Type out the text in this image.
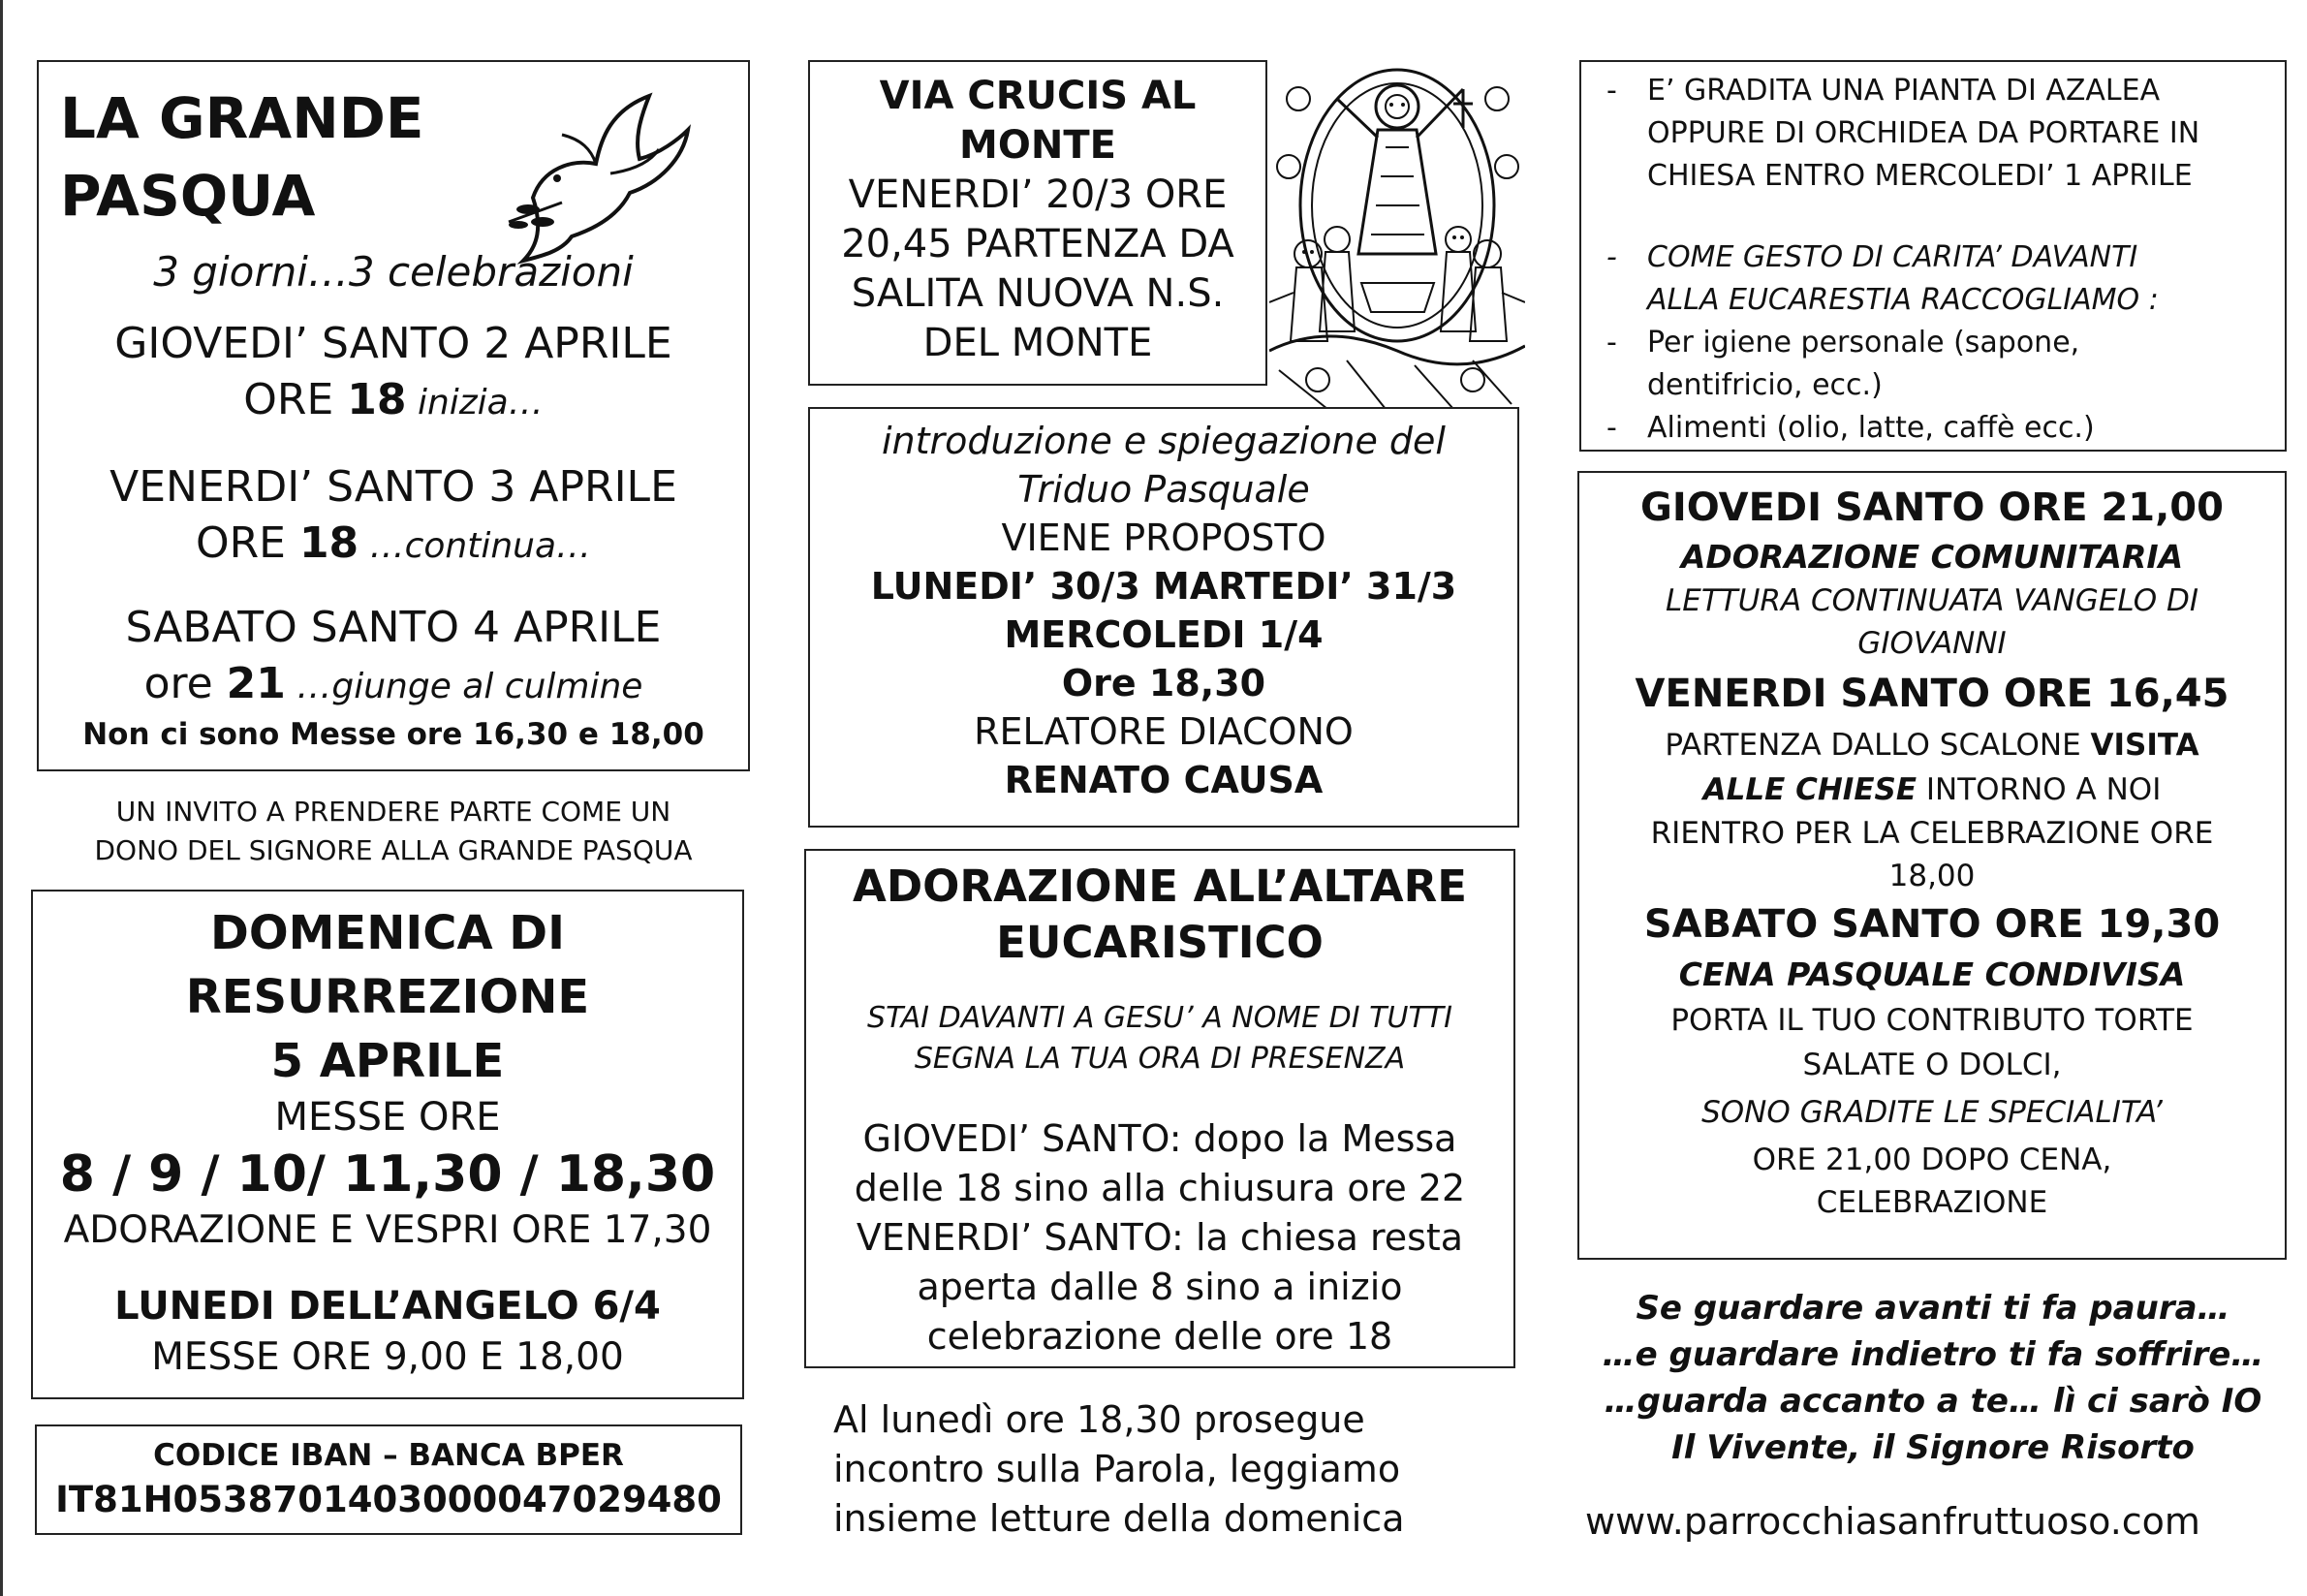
LA GRANDE
PASQUA
3 giorni…3 celebrazioni
GIOVEDI’ SANTO 2 APRILE
ORE 18 inizia…
VENERDI’ SANTO 3 APRILE
ORE 18 …continua…
SABATO SANTO 4 APRILE
ore 21 …giunge al culmine
Non ci sono Messe ore 16,30 e 18,00
UN INVITO A PRENDERE PARTE COME UN
DONO DEL SIGNORE ALLA GRANDE PASQUA
DOMENICA DI
RESURREZIONE
5 APRILE
MESSE ORE
8 / 9 / 10/ 11,30 / 18,30
ADORAZIONE E VESPRI ORE 17,30
LUNEDI DELL’ANGELO 6/4
MESSE ORE 9,00 E 18,00
CODICE IBAN – BANCA BPER
IT81H0538701403000047029480
VIA CRUCIS AL
MONTE
VENERDI’ 20/3 ORE
20,45 PARTENZA DA
SALITA NUOVA N.S.
DEL MONTE
introduzione e spiegazione del
Triduo Pasquale
VIENE PROPOSTO
LUNEDI’ 30/3 MARTEDI’ 31/3
MERCOLEDI 1/4
Ore 18,30
RELATORE DIACONO
RENATO CAUSA
ADORAZIONE ALL’ALTARE
EUCARISTICO
STAI DAVANTI A GESU’ A NOME DI TUTTI
SEGNA LA TUA ORA DI PRESENZA
GIOVEDI’ SANTO: dopo la Messa
delle 18 sino alla chiusura ore 22
VENERDI’ SANTO: la chiesa resta
aperta dalle 8 sino a inizio
celebrazione delle ore 18
Al lunedì ore 18,30 prosegue
incontro sulla Parola, leggiamo
insieme letture della domenica
- E’ GRADITA UNA PIANTA DI AZALEA
OPPURE DI ORCHIDEA DA PORTARE IN
CHIESA ENTRO MERCOLEDI’ 1 APRILE
- COME GESTO DI CARITA’ DAVANTI
ALLA EUCARESTIA RACCOGLIAMO :
- Per igiene personale (sapone,
dentifricio, ecc.)
- Alimenti (olio, latte, caffè ecc.)
GIOVEDI SANTO ORE 21,00
ADORAZIONE COMUNITARIA
LETTURA CONTINUATA VANGELO DI
GIOVANNI
VENERDI SANTO ORE 16,45
PARTENZA DALLO SCALONE VISITA
ALLE CHIESE INTORNO A NOI
RIENTRO PER LA CELEBRAZIONE ORE
18,00
SABATO SANTO ORE 19,30
CENA PASQUALE CONDIVISA
PORTA IL TUO CONTRIBUTO TORTE
SALATE O DOLCI,
SONO GRADITE LE SPECIALITA’
ORE 21,00 DOPO CENA,
CELEBRAZIONE
Se guardare avanti ti fa paura…
…e guardare indietro ti fa soffrire…
…guarda accanto a te… lì ci sarò IO
Il Vivente, il Signore Risorto
www.parrocchiasanfruttuoso.com
